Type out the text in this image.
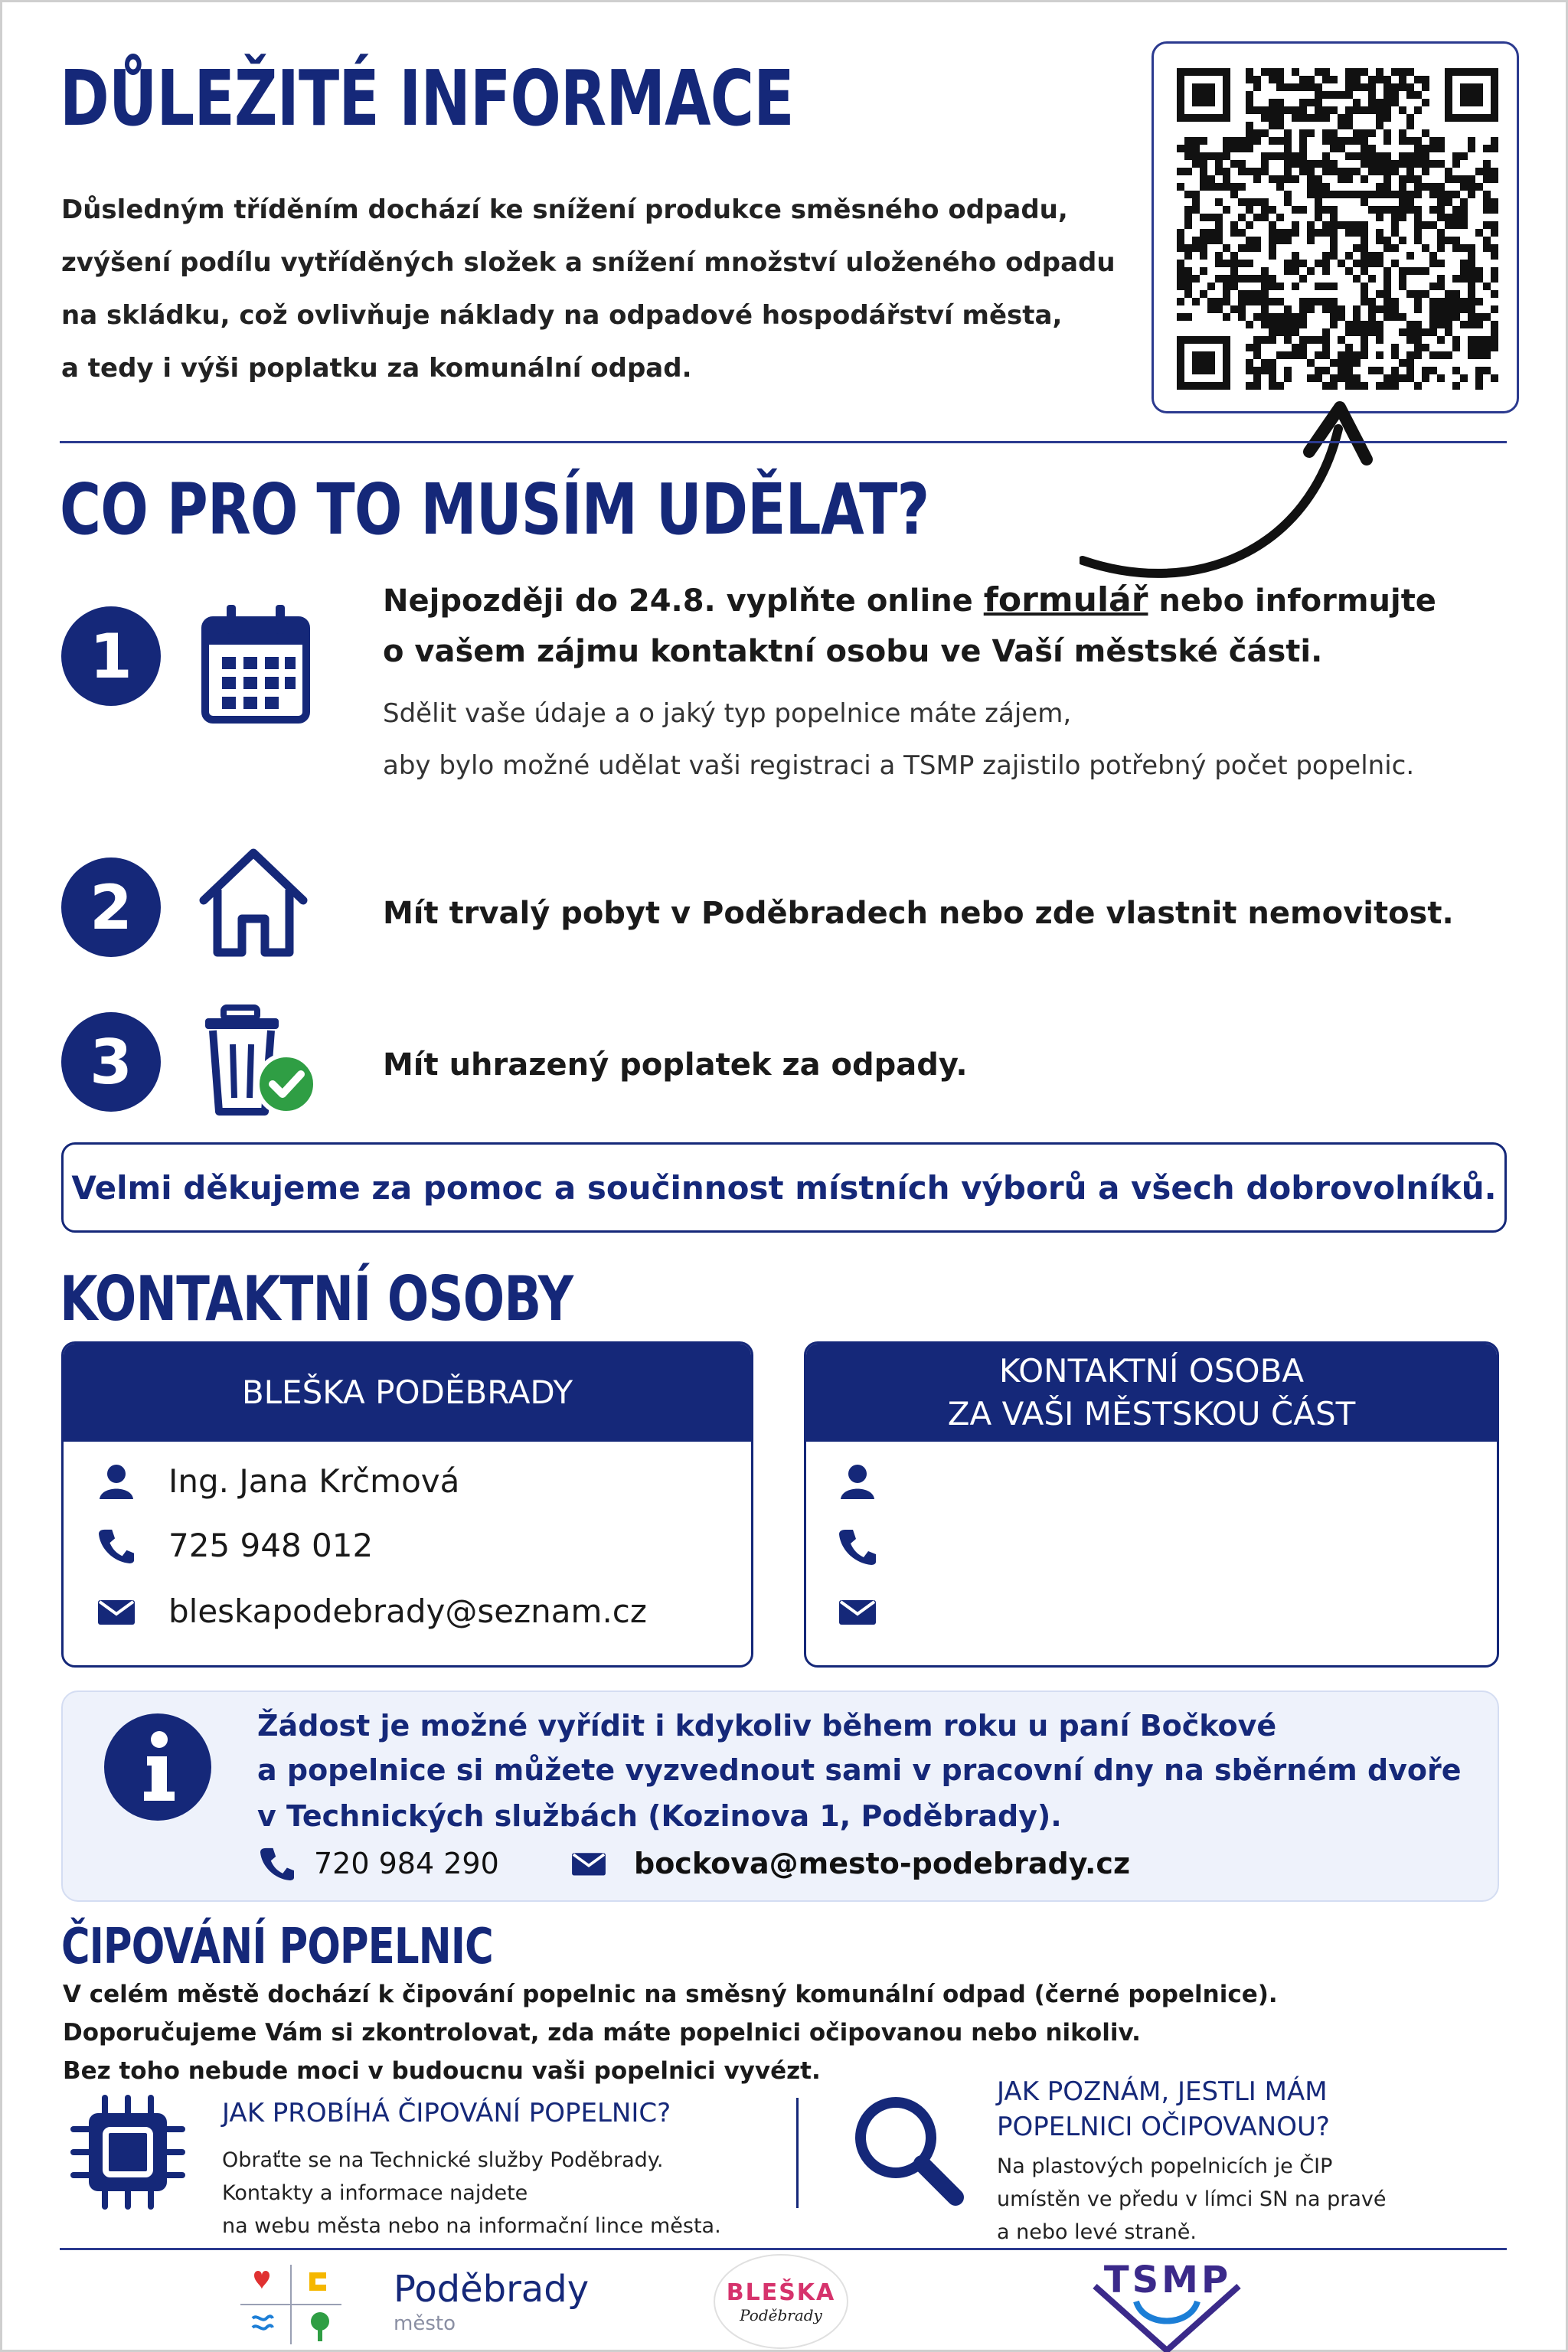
DŮLEŽITÉ INFORMACE
Důsledným tříděním dochází ke snížení produkce směsného odpadu,
zvýšení podílu vytříděných složek a snížení množství uloženého odpadu
na skládku, což ovlivňuje náklady na odpadové hospodářství města,
a tedy i výši poplatku za komunální odpad.
CO PRO TO MUSÍM UDĚLAT?
1
Nejpozději do 24.8. vyplňte online formulář nebo informujte
o vašem zájmu kontaktní osobu ve Vaší městské části.
Sdělit vaše údaje a o jaký typ popelnice máte zájem,
aby bylo možné udělat vaši registraci a TSMP zajistilo potřebný počet popelnic.
2	Mít trvalý pobyt v Poděbradech nebo zde vlastnit nemovitost.
3	Mít uhrazený poplatek za odpady.
Velmi děkujeme za pomoc a součinnost místních výborů a všech dobrovolníků.
KONTAKTNÍ OSOBY
BLEŠKA PODĚBRADY
Ing. Jana Krčmová
725 948 012
bleskapodebrady@seznam.cz
KONTAKTNÍ OSOBA
ZA VAŠI MĚSTSKOU ČÁST
Žádost je možné vyřídit i kdykoliv během roku u paní Bočkové
a popelnice si můžete vyzvednout sami v pracovní dny na sběrném dvoře
v Technických službách (Kozinova 1, Poděbrady).
720 984 290	bockova@mesto-podebrady.cz
ČIPOVÁNÍ POPELNIC
V celém městě dochází k čipování popelnic na směsný komunální odpad (černé popelnice).
Doporučujeme Vám si zkontrolovat, zda máte popelnici očipovanou nebo nikoliv.
Bez toho nebude moci v budoucnu vaši popelnici vyvézt.
JAK PROBÍHÁ ČIPOVÁNÍ POPELNIC?
Obraťte se na Technické služby Poděbrady.
Kontakty a informace najdete
na webu města nebo na informační lince města.
JAK POZNÁM, JESTLI MÁM
POPELNICI OČIPOVANOU?
Na plastových popelnicích je ČIP
umístěn ve předu v límci SN na pravé
a nebo levé straně.
Poděbrady
město
BLEŠKA
Poděbrady
TSMP
